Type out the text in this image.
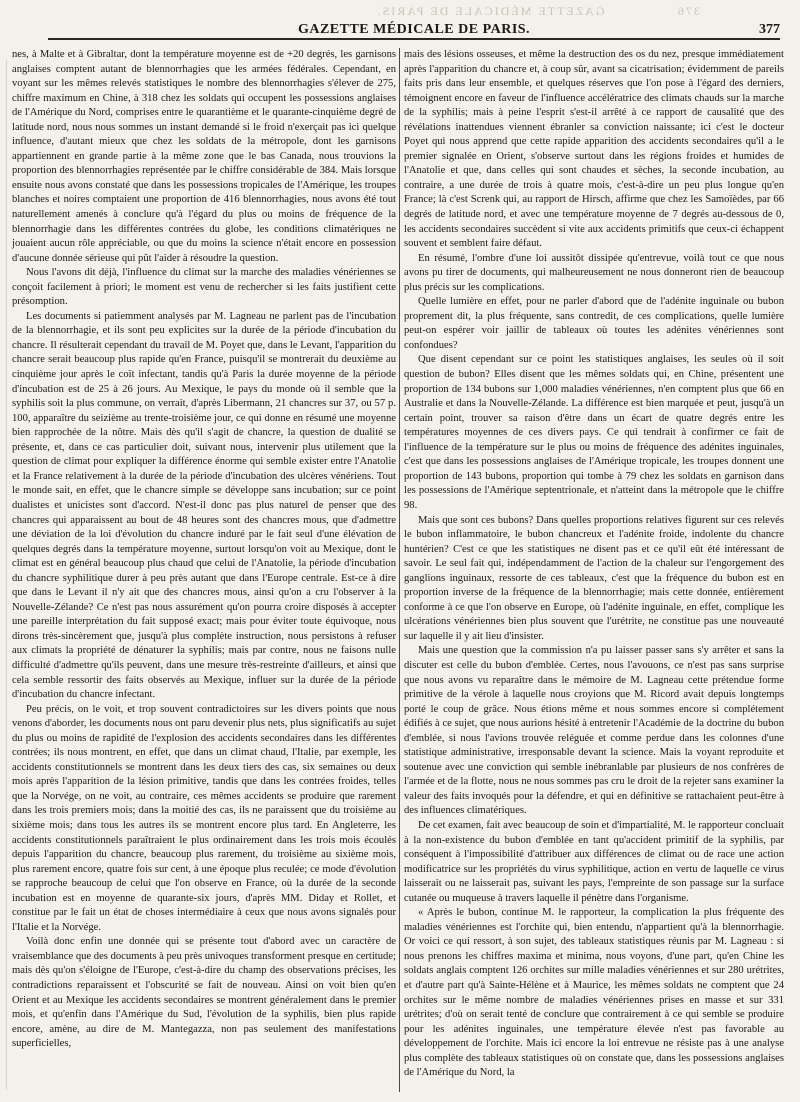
376
GAZETTE MÉDICALE DE PARIS.
GAZETTE MÉDICALE DE PARIS.	377

nes, à Malte et à Gibraltar, dont la température moyenne est de +20 degrés, les garnisons anglaises comptent autant de blennorrhagies que les armées fédérales. Cependant, en voyant sur les mêmes relevés statistiques le nombre des blennorrhagies s'élever de 275, chiffre maximum en Chine, à 318 chez les soldats qui occupent les possessions anglaises de l'Amérique du Nord, comprises entre le quarantième et le quarante-cinquième degré de latitude nord, nous nous sommes un instant demandé si le froid n'exerçait pas ici quelque influence, d'autant mieux que chez les soldats de la métropole, dont les garnisons appartiennent en grande partie à la même zone que le bas Canada, nous trouvions la proportion des blennorrhagies représentée par le chiffre considérable de 384. Mais lorsque ensuite nous avons constaté que dans les possessions tropicales de l'Amérique, les troupes blanches et noires comptaient une proportion de 416 blennorrhagies, nous avons été tout naturellement amenés à conclure qu'à l'égard du plus ou moins de fréquence de la blennorrhagie dans les différentes contrées du globe, les conditions climatériques ne jouaient aucun rôle appréciable, ou que du moins la science n'était encore en possession d'aucune donnée sérieuse qui pût l'aider à résoudre la question.

Nous l'avons dit déjà, l'influence du climat sur la marche des maladies vénériennes se conçoit facilement à priori; le moment est venu de rechercher si les faits justifient cette présomption.

Les documents si patiemment analysés par M. Lagneau ne parlent pas de l'incubation de la blennorrhagie, et ils sont peu explicites sur la durée de la période d'incubation du chancre. Il résulterait cependant du travail de M. Poyet que, dans le Levant, l'apparition du chancre serait beaucoup plus rapide qu'en France, puisqu'il se montrerait du deuxième au cinquième jour après le coït infectant, tandis qu'à Paris la durée moyenne de la période d'incubation est de 25 à 26 jours. Au Mexique, le pays du monde où il semble que la syphilis soit la plus commune, on verrait, d'après Libermann, 21 chancres sur 37, ou 57 p. 100, apparaître du seizième au trente-troisième jour, ce qui donne en résumé une moyenne bien rapprochée de la nôtre. Mais dès qu'il s'agit de chancre, la question de dualité se présente, et, dans ce cas particulier doit, suivant nous, intervenir plus utilement que la question de climat pour expliquer la différence énorme qui semble exister entre l'Anatolie et la France relativement à la durée de la période d'incubation des ulcères vénériens. Tout le monde sait, en effet, que le chancre simple se développe sans incubation; sur ce point dualistes et unicistes sont d'accord. N'est-il donc pas plus naturel de penser que des chancres qui apparaissent au bout de 48 heures sont des chancres mous, que d'admettre une déviation de la loi d'évolution du chancre induré par le fait seul d'une élévation de quelques degrés dans la température moyenne, surtout lorsqu'on voit au Mexique, dont le climat est en général beaucoup plus chaud que celui de l'Anatolie, la période d'incubation du chancre syphilitique durer à peu près autant que dans l'Europe centrale. Est-ce à dire que dans le Levant il n'y ait que des chancres mous, ainsi qu'on a cru l'observer à la Nouvelle-Zélande? Ce n'est pas nous assurément qu'on pourra croire disposés à accepter une pareille interprétation du fait supposé exact; mais pour éviter toute équivoque, nous dirons très-sincèrement que, jusqu'à plus complète instruction, nous persistons à refuser aux climats la propriété de dénaturer la syphilis; mais par contre, nous ne faisons nulle difficulté d'admettre qu'ils peuvent, dans une mesure très-restreinte d'ailleurs, et ainsi que cela semble ressortir des faits observés au Mexique, influer sur la durée de la période d'incubation du chancre infectant.

Peu précis, on le voit, et trop souvent contradictoires sur les divers points que nous venons d'aborder, les documents nous ont paru devenir plus nets, plus significatifs au sujet du plus ou moins de rapidité de l'explosion des accidents secondaires dans les différentes contrées; ils nous montrent, en effet, que dans un climat chaud, l'Italie, par exemple, les accidents constitutionnels se montrent dans les deux tiers des cas, six semaines ou deux mois après l'apparition de la lésion primitive, tandis que dans les contrées froides, telles que la Norvége, on ne voit, au contraire, ces mêmes accidents se produire que rarement dans les trois premiers mois; dans la moitié des cas, ils ne paraissent que du troisième au sixième mois; dans tous les autres ils se montrent encore plus tard. En Angleterre, les accidents constitutionnels paraîtraient le plus ordinairement dans les trois mois écoulés depuis l'apparition du chancre, beaucoup plus rarement, du troisième au sixième mois, plus rarement encore, quatre fois sur cent, à une époque plus reculée; ce mode d'évolution se rapproche beaucoup de celui que l'on observe en France, où la durée de la seconde incubation est en moyenne de quarante-six jours, d'après MM. Diday et Rollet, et constitue par le fait un état de choses intermédiaire à ceux que nous avons signalés pour l'Italie et la Norvége.

Voilà donc enfin une donnée qui se présente tout d'abord avec un caractère de vraisemblance que des documents à peu près univoques transforment presque en certitude; mais dès qu'on s'éloigne de l'Europe, c'est-à-dire du champ des observations précises, les contradictions reparaissent et l'obscurité se fait de nouveau. Ainsi on voit bien qu'en Orient et au Mexique les accidents secondaires se montrent généralement dans le premier mois, et qu'enfin dans l'Amérique du Sud, l'évolution de la syphilis, bien plus rapide encore, amène, au dire de M. Mantegazza, non pas seulement des manifestations superficielles,

mais des lésions osseuses, et même la destruction des os du nez, presque immédiatement après l'apparition du chancre et, à coup sûr, avant sa cicatrisation; évidemment de pareils faits pris dans leur ensemble, et quelques réserves que l'on pose à l'égard des derniers, témoignent encore en faveur de l'influence accélératrice des climats chauds sur la marche de la syphilis; mais à peine l'esprit s'est-il arrêté à ce rapport de causalité que des révélations inattendues viennent ébranler sa conviction naissante; ici c'est le docteur Poyet qui nous apprend que cette rapide apparition des accidents secondaires qu'il a le premier signalée en Orient, s'observe surtout dans les régions froides et humides de l'Anatolie et que, dans celles qui sont chaudes et sèches, la seconde incubation, au contraire, a une durée de trois à quatre mois, c'est-à-dire un peu plus longue qu'en France; là c'est Screnk qui, au rapport de Hirsch, affirme que chez les Samoïèdes, par 66 degrés de latitude nord, et avec une température moyenne de 7 degrés au-dessous de 0, les accidents secondaires succèdent si vite aux accidents primitifs que ceux-ci échappent souvent et semblent faire défaut.

En résumé, l'ombre d'une loi aussitôt dissipée qu'entrevue, voilà tout ce que nous avons pu tirer de documents, qui malheureusement ne nous donneront rien de beaucoup plus précis sur les complications.

Quelle lumière en effet, pour ne parler d'abord que de l'adénite inguinale ou bubon proprement dit, la plus fréquente, sans contredit, de ces complications, quelle lumière peut-on espérer voir jaillir de tableaux où toutes les adénites vénériennes sont confondues?

Que disent cependant sur ce point les statistiques anglaises, les seules où il soit question de bubon? Elles disent que les mêmes soldats qui, en Chine, présentent une proportion de 134 bubons sur 1,000 maladies vénériennes, n'en comptent plus que 66 en Australie et dans la Nouvelle-Zélande. La différence est bien marquée et peut, jusqu'à un certain point, trouver sa raison d'être dans un écart de quatre degrés entre les températures moyennes de ces divers pays. Ce qui tendrait à confirmer ce fait de l'influence de la température sur le plus ou moins de fréquence des adénites inguinales, c'est que dans les possessions anglaises de l'Amérique tropicale, les troupes donnent une proportion de 143 bubons, proportion qui tombe à 79 chez les soldats en garnison dans les possessions de l'Amérique septentrionale, et n'atteint dans la métropole que le chiffre 98.

Mais que sont ces bubons? Dans quelles proportions relatives figurent sur ces relevés le bubon inflammatoire, le bubon chancreux et l'adénite froide, indolente du chancre huntérien? C'est ce que les statistiques ne disent pas et ce qu'il eût été intéressant de savoir. Le seul fait qui, indépendamment de l'action de la chaleur sur l'engorgement des ganglions inguinaux, ressorte de ces tableaux, c'est que la fréquence du bubon est en proportion inverse de la fréquence de la blennorrhagie; mais cette donnée, entièrement conforme à ce que l'on observe en Europe, où l'adénite inguinale, en effet, complique les ulcérations vénériennes bien plus souvent que l'urétrite, ne constitue pas une nouveauté sur laquelle il y ait lieu d'insister.

Mais une question que la commission n'a pu laisser passer sans s'y arrêter et sans la discuter est celle du bubon d'emblée. Certes, nous l'avouons, ce n'est pas sans surprise que nous avons vu reparaître dans le mémoire de M. Lagneau cette prétendue forme primitive de la vérole à laquelle nous croyions que M. Ricord avait depuis longtemps porté le coup de grâce. Nous étions même et nous sommes encore si complétement édifiés à ce sujet, que nous aurions hésité à entretenir l'Académie de la doctrine du bubon d'emblée, si nous l'avions trouvée reléguée et comme perdue dans les colonnes d'une statistique administrative, irresponsable devant la science. Mais la voyant reproduite et soutenue avec une conviction qui semble inébranlable par plusieurs de nos confrères de l'armée et de la flotte, nous ne nous sommes pas cru le droit de la rejeter sans examiner la valeur des faits invoqués pour la défendre, et qui en définitive se rattachaient peut-être à des influences climatériques.

De cet examen, fait avec beaucoup de soin et d'impartialité, M. le rapporteur concluait à la non-existence du bubon d'emblée en tant qu'accident primitif de la syphilis, par conséquent à l'impossibilité d'attribuer aux différences de climat ou de race une action modificatrice sur les propriétés du virus syphilitique, action en vertu de laquelle ce virus laisserait ou ne laisserait pas, suivant les pays, l'empreinte de son passage sur la surface cutanée ou muqueuse à travers laquelle il pénètre dans l'organisme.

« Après le bubon, continue M. le rapporteur, la complication la plus fréquente des maladies vénériennes est l'orchite qui, bien entendu, n'appartient qu'à la blennorrhagie. Or voici ce qui ressort, à son sujet, des tableaux statistiques réunis par M. Lagneau : si nous prenons les chiffres maxima et minima, nous voyons, d'une part, qu'en Chine les soldats anglais comptent 126 orchites sur mille maladies vénériennes et sur 280 urétrites, et d'autre part qu'à Sainte-Hélène et à Maurice, les mêmes soldats ne comptent que 24 orchites sur le même nombre de maladies vénériennes prises en masse et sur 331 urétrites; d'où on serait tenté de conclure que contrairement à ce qui semble se produire pour les adénites inguinales, une température élevée n'est pas favorable au développement de l'orchite. Mais ici encore la loi entrevue ne résiste pas à une analyse plus complète des tableaux statistiques où on constate que, dans les possessions anglaises de l'Amérique du Nord, la
